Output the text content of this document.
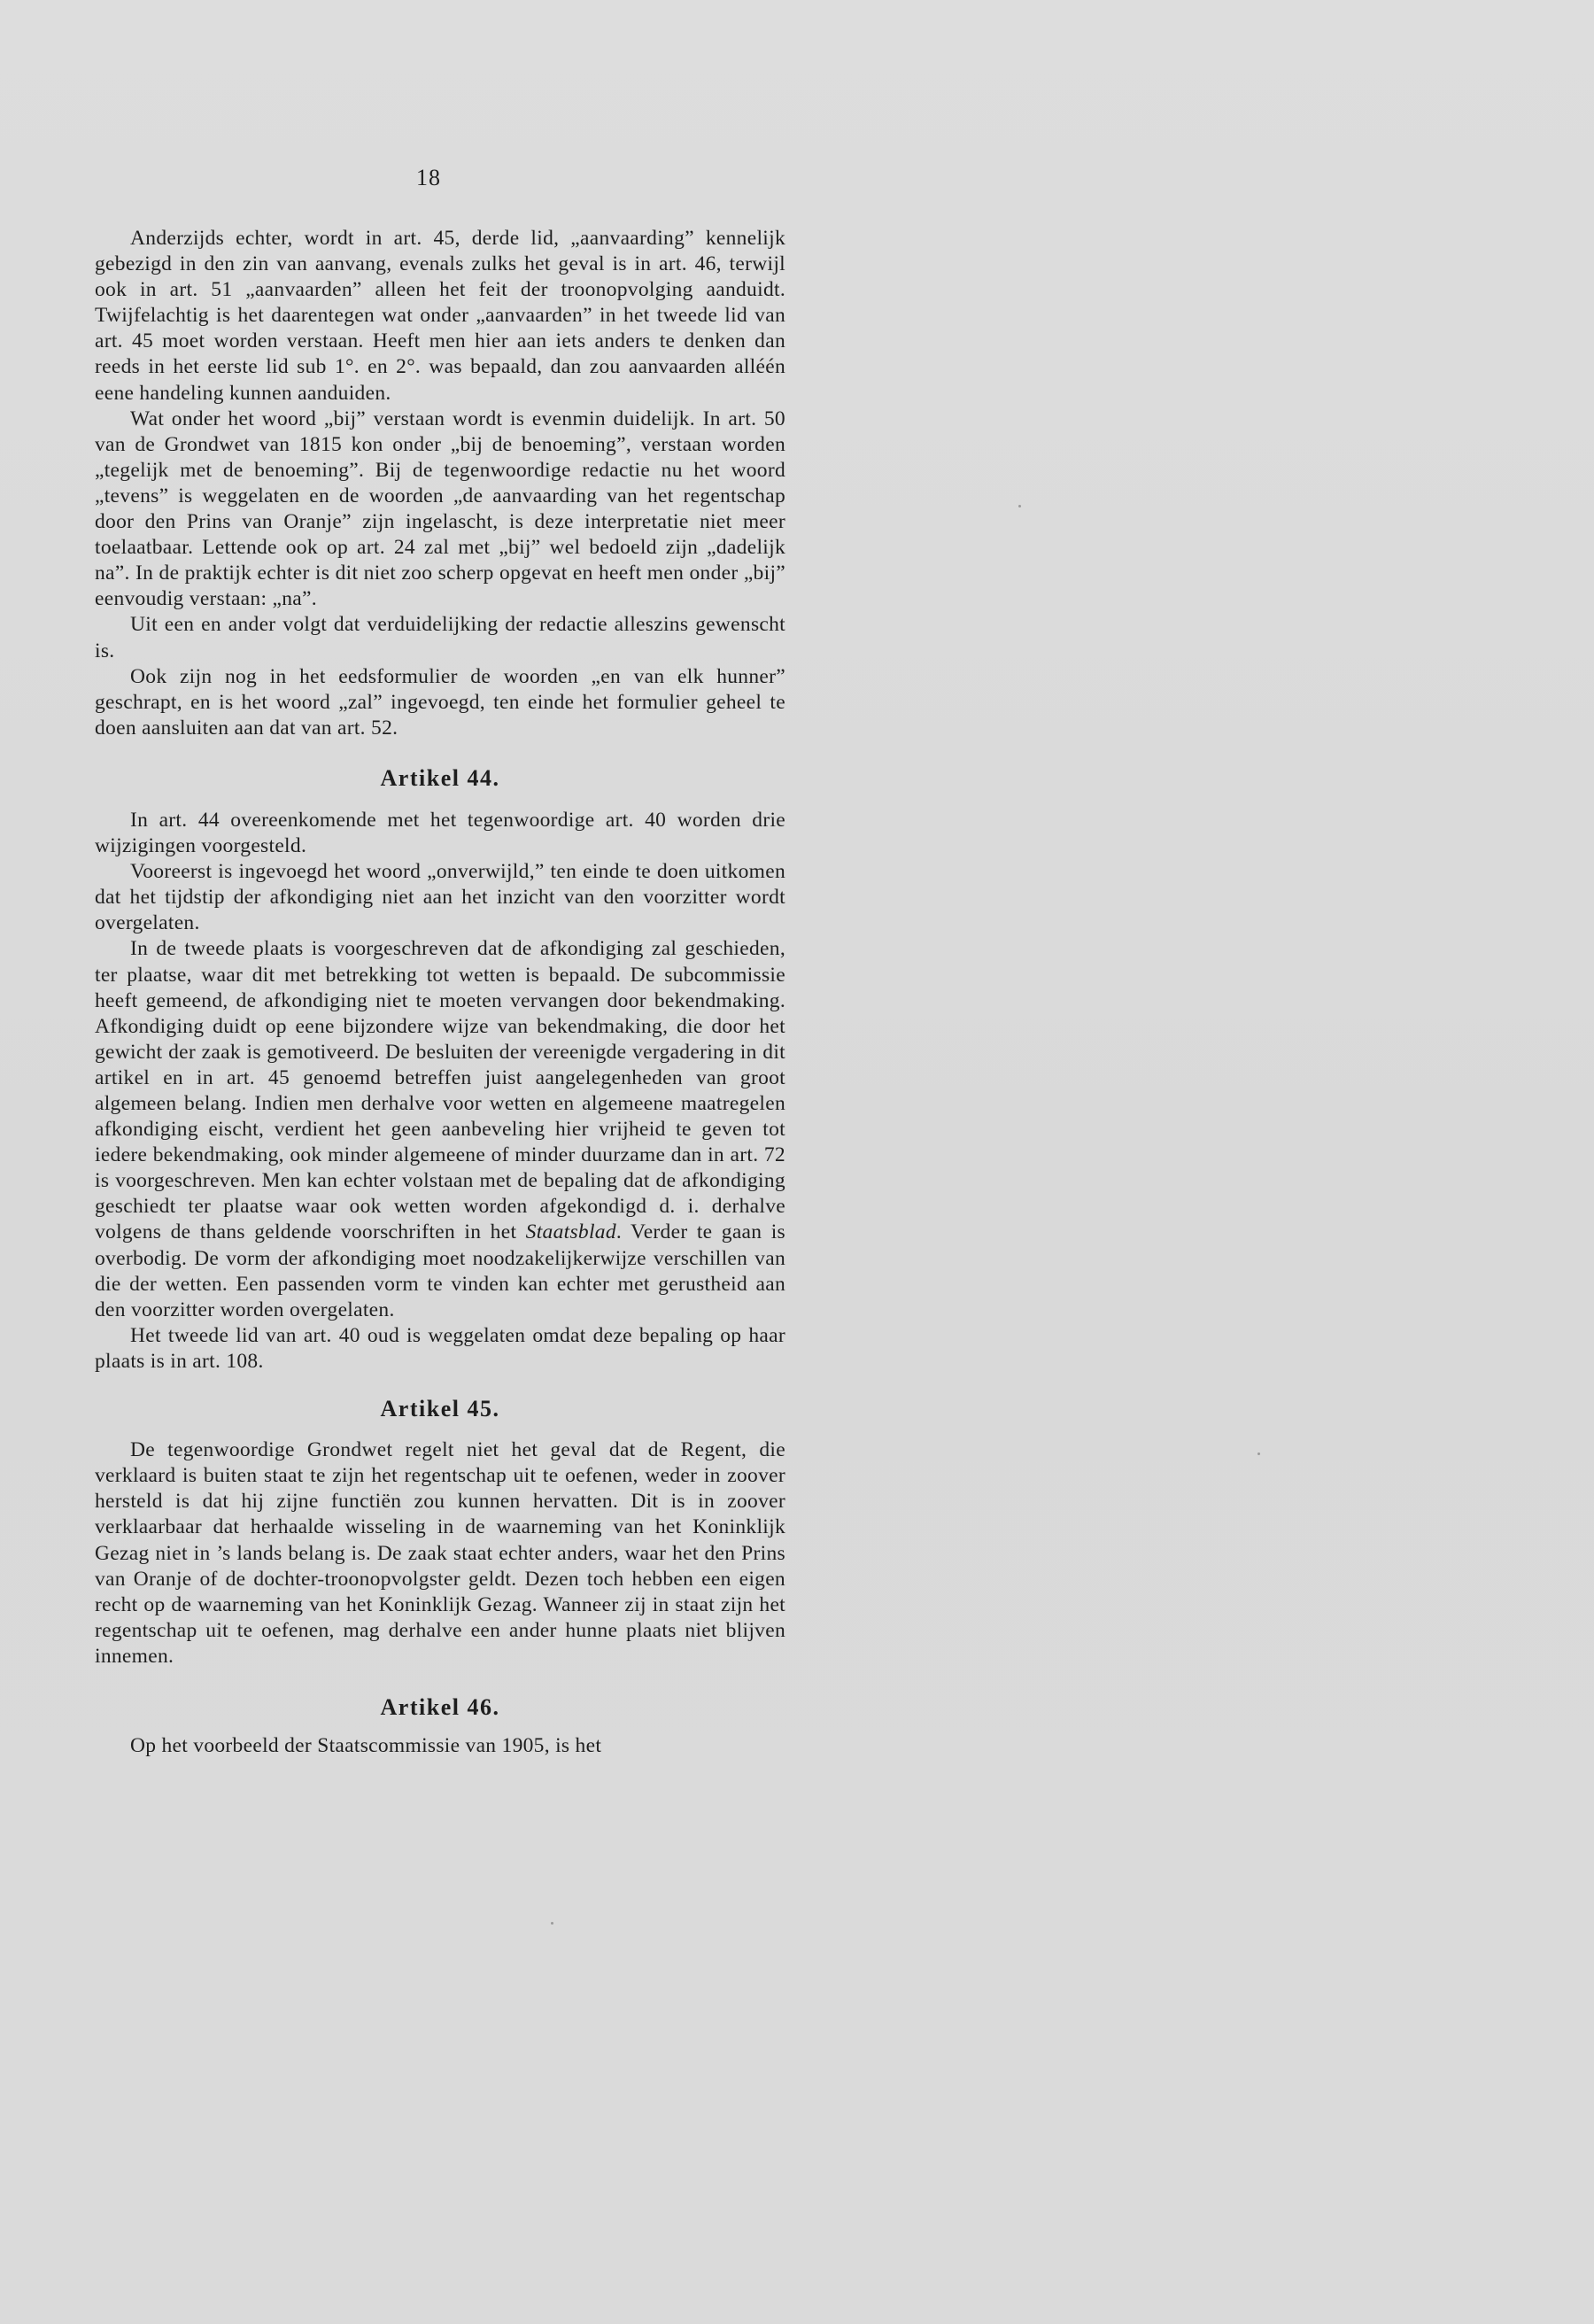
18

Anderzijds echter, wordt in art. 45, derde lid, „aanvaarding” kennelijk gebezigd in den zin van aanvang, evenals zulks het geval is in art. 46, terwijl ook in art. 51 „aanvaarden” alleen het feit der troonopvolging aanduidt. Twijfelachtig is het daarentegen wat onder „aanvaarden” in het tweede lid van art. 45 moet worden verstaan. Heeft men hier aan iets anders te denken dan reeds in het eerste lid sub 1°. en 2°. was bepaald, dan zou aanvaarden alléén eene handeling kunnen aanduiden.

Wat onder het woord „bij” verstaan wordt is evenmin duidelijk. In art. 50 van de Grondwet van 1815 kon onder „bij de benoeming”, verstaan worden „tegelijk met de benoeming”. Bij de tegenwoordige redactie nu het woord „tevens” is weggelaten en de woorden „de aanvaarding van het regentschap door den Prins van Oranje” zijn ingelascht, is deze interpretatie niet meer toelaatbaar. Lettende ook op art. 24 zal met „bij” wel bedoeld zijn „dadelijk na”. In de praktijk echter is dit niet zoo scherp opgevat en heeft men onder „bij” eenvoudig verstaan: „na”.

Uit een en ander volgt dat verduidelijking der redactie alleszins gewenscht is.

Ook zijn nog in het eedsformulier de woorden „en van elk hunner” geschrapt, en is het woord „zal” ingevoegd, ten einde het formulier geheel te doen aansluiten aan dat van art. 52.

Artikel 44.

In art. 44 overeenkomende met het tegenwoordige art. 40 worden drie wijzigingen voorgesteld.

Vooreerst is ingevoegd het woord „onverwijld,” ten einde te doen uitkomen dat het tijdstip der afkondiging niet aan het inzicht van den voorzitter wordt overgelaten.

In de tweede plaats is voorgeschreven dat de afkondiging zal geschieden, ter plaatse, waar dit met betrekking tot wetten is bepaald. De subcommissie heeft gemeend, de afkondiging niet te moeten vervangen door bekendmaking. Afkondiging duidt op eene bijzondere wijze van bekendmaking, die door het gewicht der zaak is gemotiveerd. De besluiten der vereenigde vergadering in dit artikel en in art. 45 genoemd betreffen juist aangelegenheden van groot algemeen belang. Indien men derhalve voor wetten en algemeene maatregelen afkondiging eischt, verdient het geen aanbeveling hier vrijheid te geven tot iedere bekendmaking, ook minder algemeene of minder duurzame dan in art. 72 is voorgeschreven. Men kan echter volstaan met de bepaling dat de afkondiging geschiedt ter plaatse waar ook wetten worden afgekondigd d. i. derhalve volgens de thans geldende voorschriften in het Staatsblad. Verder te gaan is overbodig. De vorm der afkondiging moet noodzakelijkerwijze verschillen van die der wetten. Een passenden vorm te vinden kan echter met gerustheid aan den voorzitter worden overgelaten.

Het tweede lid van art. 40 oud is weggelaten omdat deze bepaling op haar plaats is in art. 108.

Artikel 45.

De tegenwoordige Grondwet regelt niet het geval dat de Regent, die verklaard is buiten staat te zijn het regentschap uit te oefenen, weder in zoover hersteld is dat hij zijne functiën zou kunnen hervatten. Dit is in zoover verklaarbaar dat herhaalde wisseling in de waarneming van het Koninklijk Gezag niet in ’s lands belang is. De zaak staat echter anders, waar het den Prins van Oranje of de dochter-troonopvolgster geldt. Dezen toch hebben een eigen recht op de waarneming van het Koninklijk Gezag. Wanneer zij in staat zijn het regentschap uit te oefenen, mag derhalve een ander hunne plaats niet blijven innemen.

Artikel 46.

Op het voorbeeld der Staatscommissie van 1905, is het
